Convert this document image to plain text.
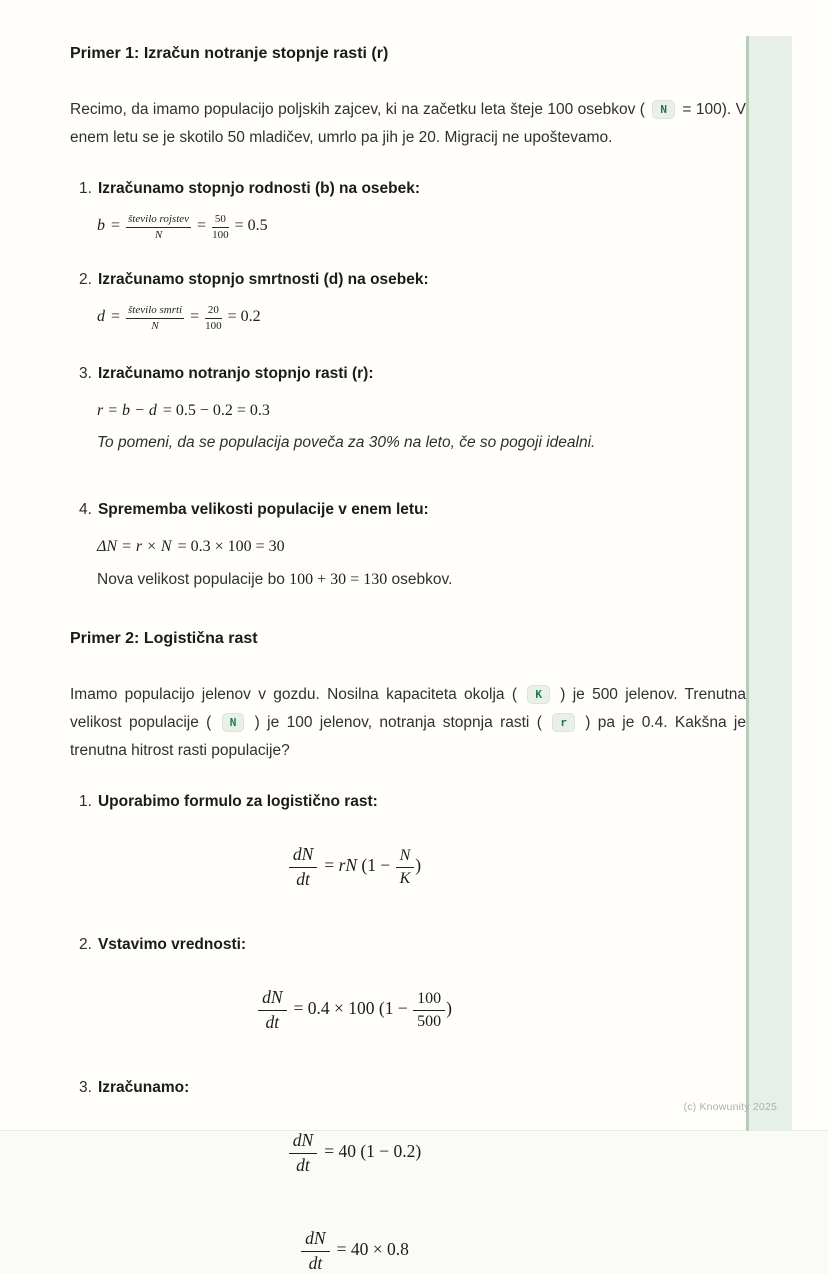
Primer 1: Izračun notranje stopnje rasti (r)

Recimo, da imamo populacijo poljskih zajcev, ki na začetku leta šteje 100 osebkov ( N = 100). V enem letu se je skotilo 50 mladičev, umrlo pa jih je 20. Migracij ne upoštevamo.

1. Izračunamo stopnjo rodnosti (b) na osebek:
b = število rojstev
N
= $\frac{50}{100} = 0.5$
2. Izračunamo stopnjo smrtnosti (d) na osebek:
d = število smrti
N
= $\frac{20}{100} = 0.2$
3. Izračunamo notranjo stopnjo rasti (r):
r = b − d = 0.5 − 0.2 = 0.3
To pomeni, da se populacija poveča za 30% na leto, če so pogoji idealni.
4. Sprememba velikosti populacije v enem letu:
ΔN = r × N = 0.3 × 100 = 30
Nova velikost populacije bo 100 + 30 = 130 osebkov.
Primer 2: Logistična rast

Imamo populacijo jelenov v gozdu. Nosilna kapaciteta okolja ( K ) je 500 jelenov. Trenutna velikost populacije ( N ) je 100 jelenov, notranja stopnja rasti ( r ) pa je 0.4. Kakšna je trenutna hitrost rasti populacije?

1. Uporabimo formulo za logistično rast:
$\frac{dN}{dt}$ = rN ($1 - \frac{N}{K}$ )
2. Vstavimo vrednosti:
$\frac{dN}{dt} = 0.4 \times 100$ ($1 - \frac{100}{500}$ )
3. Izračunamo:
$\frac{dN}{dt} = 40$ (1 − 0.2)
$\frac{dN}{dt} = 40 \times 0.8$
(c) Knowunity 2025
